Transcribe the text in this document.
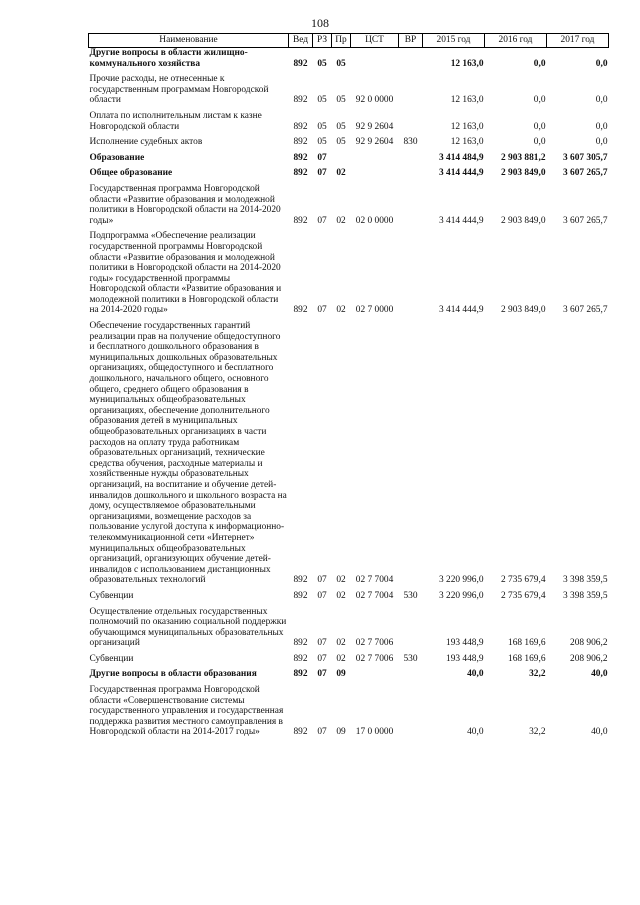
108
Наименование	Вед	РЗ	Пр	ЦСТ	ВР	2015 год	2016 год	2017 год
Другие вопросы в области жилищно-коммунального хозяйства	892	05	05			12 163,0	0,0	0,0
Прочие расходы, не отнесенные к государственным программам Новгородской области	892	05	05	92 0 0000		12 163,0	0,0	0,0
Оплата по исполнительным листам к казне Новгородской области	892	05	05	92 9 2604		12 163,0	0,0	0,0
Исполнение судебных актов	892	05	05	92 9 2604	830	12 163,0	0,0	0,0
Образование	892	07				3 414 484,9	2 903 881,2	3 607 305,7
Общее образование	892	07	02			3 414 444,9	2 903 849,0	3 607 265,7
Государственная программа Новгородской области «Развитие образования и молодежной политики в Новгородской области на 2014-2020 годы»	892	07	02	02 0 0000		3 414 444,9	2 903 849,0	3 607 265,7
Подпрограмма «Обеспечение реализации государственной программы Новгородской области «Развитие образования и молодежной политики в Новгородской области на 2014-2020 годы» государственной программы Новгородской области «Развитие образования и молодежной политики в Новгородской области на 2014-2020 годы»	892	07	02	02 7 0000		3 414 444,9	2 903 849,0	3 607 265,7
Обеспечение государственных гарантий реализации прав на получение общедоступного и бесплатного дошкольного образования в муниципальных дошкольных образовательных организациях, общедоступного и бесплатного дошкольного, начального общего, основного общего, среднего общего образования в муниципальных общеобразовательных организациях, обеспечение дополнительного образования детей в муниципальных общеобразовательных организациях в части расходов на оплату труда работникам образовательных организаций, технические средства обучения, расходные материалы и хозяйственные нужды образовательных организаций, на воспитание и обучение детей-инвалидов дошкольного и школьного возраста на дому, осуществляемое образовательными организациями, возмещение расходов за пользование услугой доступа к информационно-телекоммуникационной сети «Интернет» муниципальных общеобразовательных организаций, организующих обучение детей-инвалидов с использованием дистанционных образовательных технологий	892	07	02	02 7 7004		3 220 996,0	2 735 679,4	3 398 359,5
Субвенции	892	07	02	02 7 7004	530	3 220 996,0	2 735 679,4	3 398 359,5
Осуществление отдельных государственных полномочий по оказанию социальной поддержки обучающимся муниципальных образовательных организаций	892	07	02	02 7 7006		193 448,9	168 169,6	208 906,2
Субвенции	892	07	02	02 7 7006	530	193 448,9	168 169,6	208 906,2
Другие вопросы в области образования	892	07	09			40,0	32,2	40,0
Государственная программа Новгородской области «Совершенствование системы государственного управления и государственная поддержка развития местного самоуправления в Новгородской области на 2014-2017 годы»	892	07	09	17 0 0000		40,0	32,2	40,0
